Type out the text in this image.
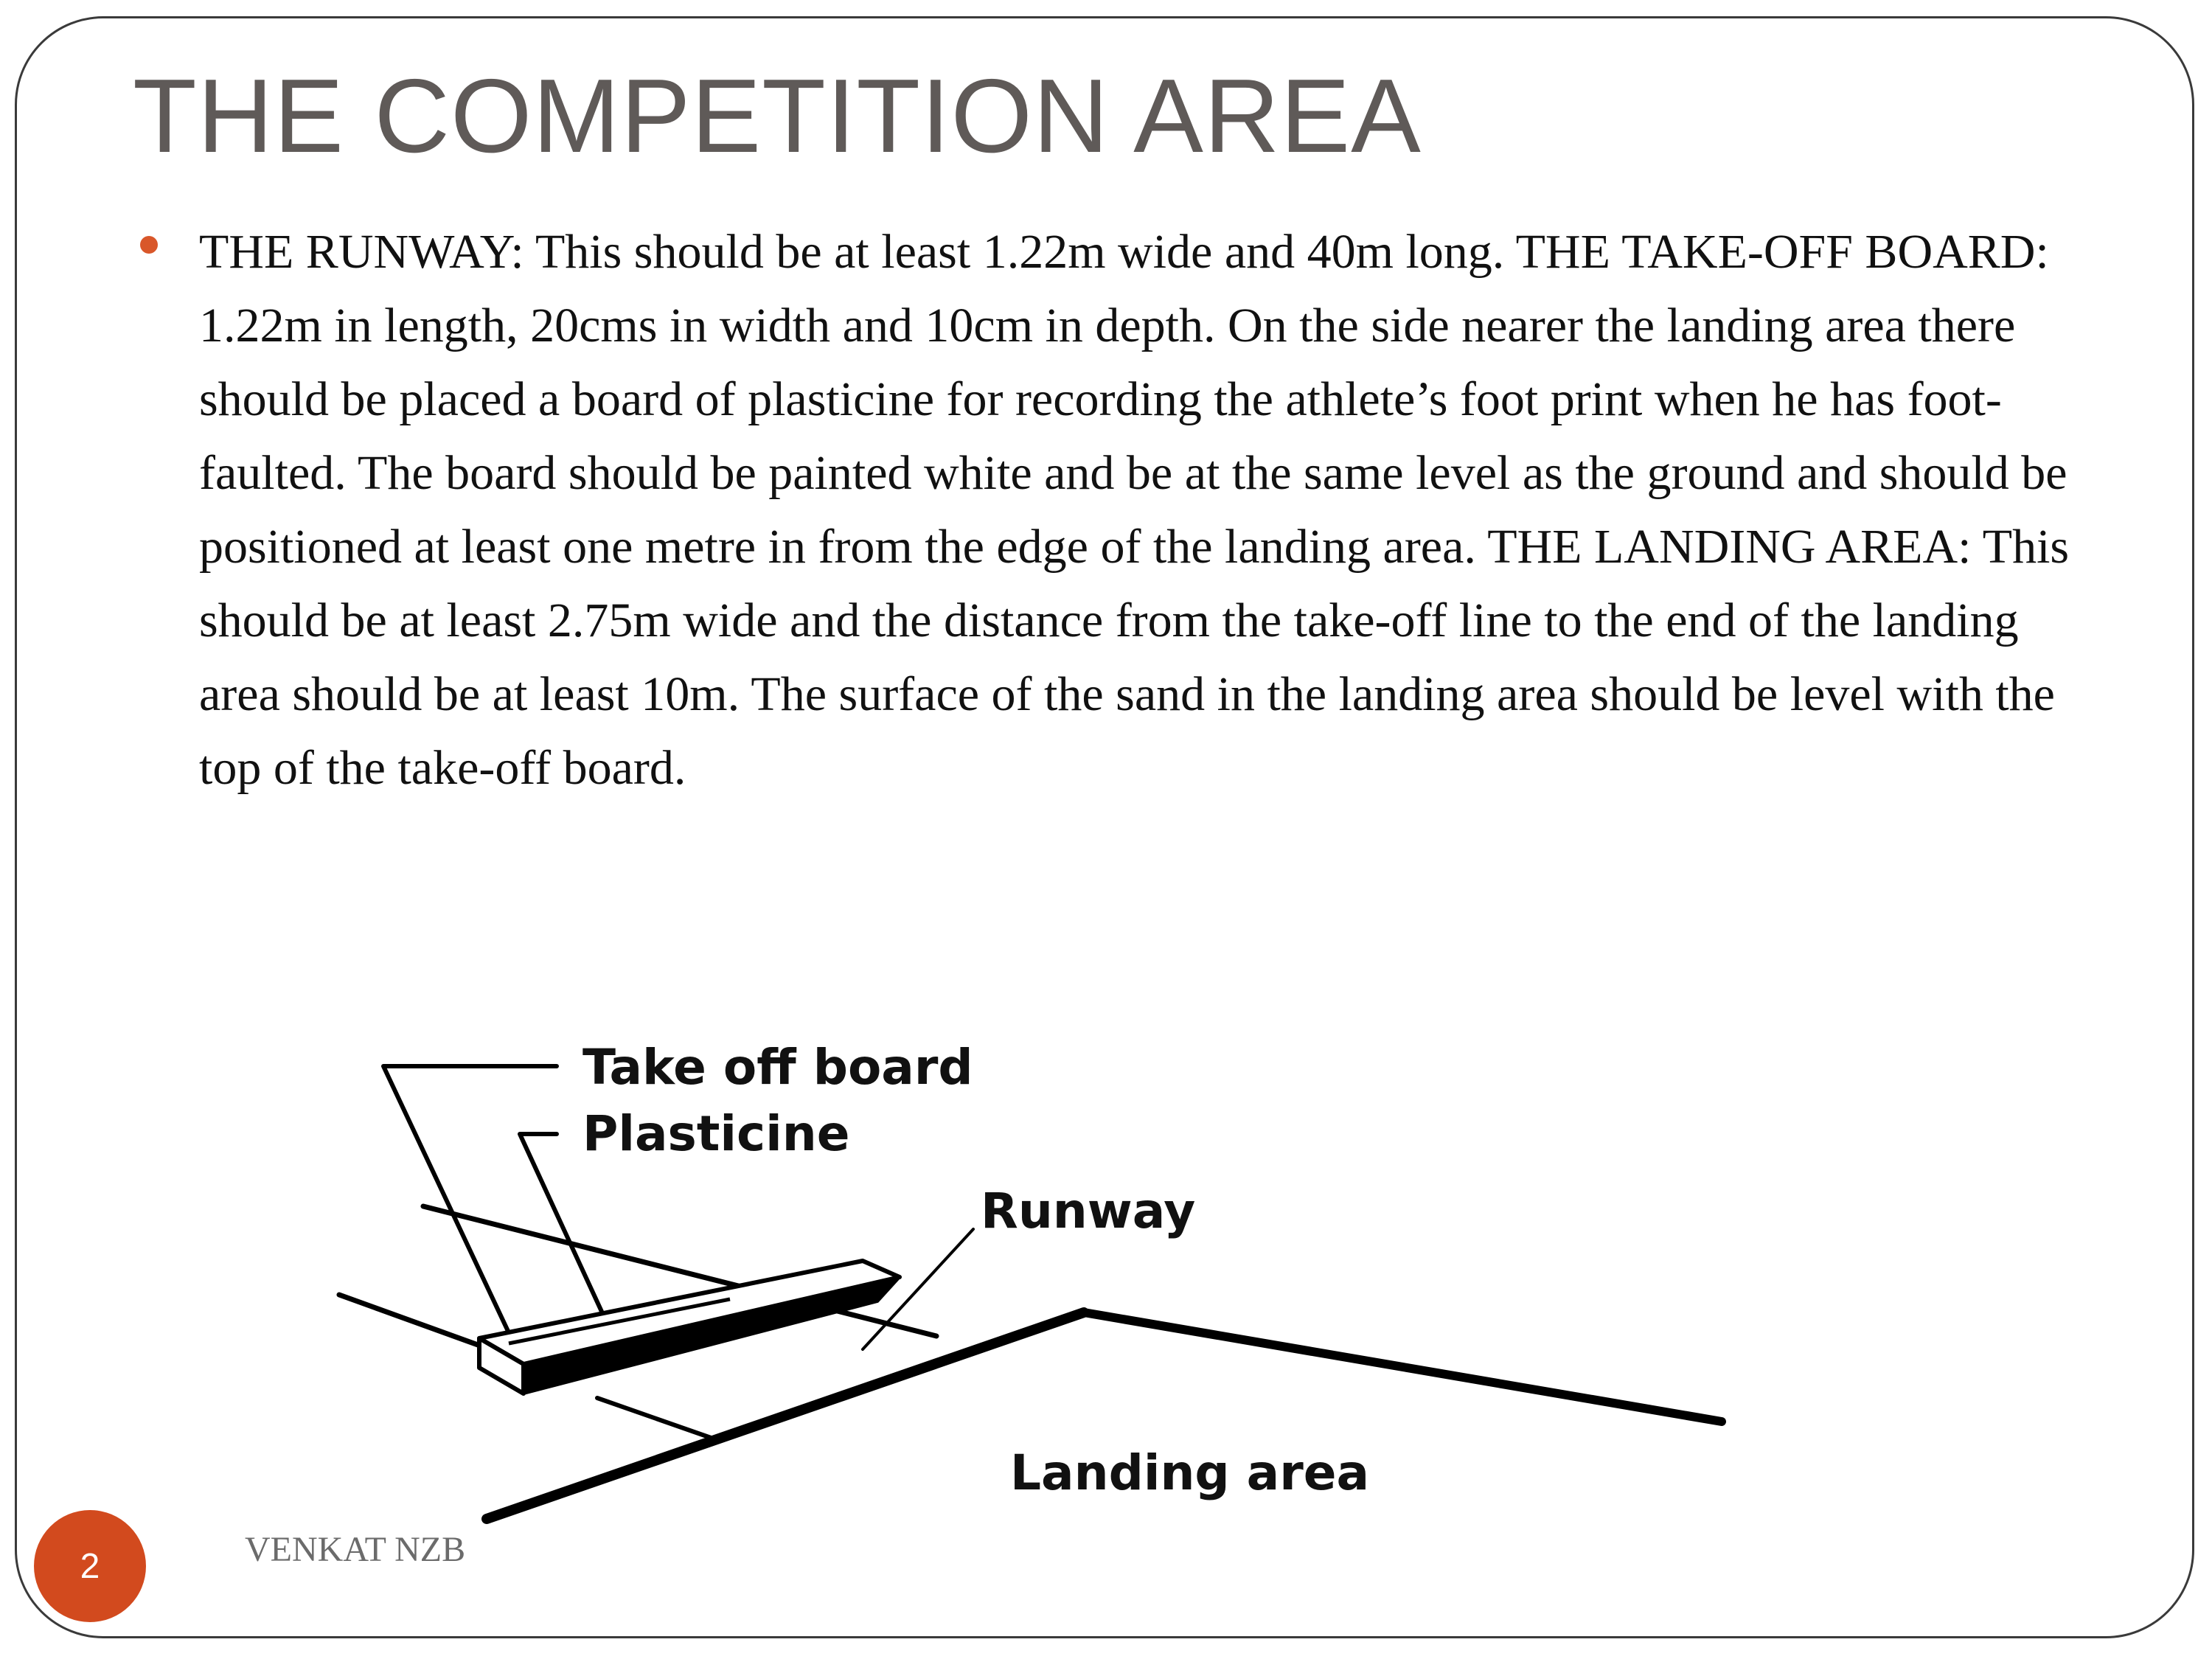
THE COMPETITION AREA

THE RUNWAY: This should be at least 1.22m wide and 40m long. THE TAKE-OFF BOARD: 1.22m in length, 20cms in width and 10cm in depth. On the side nearer the landing area there should be placed a board of plasticine for recording the athlete’s foot print when he has foot-faulted. The board should be painted white and be at the same level as the ground and should be positioned at least one metre in from the edge of the landing area. THE LANDING AREA: This should be at least 2.75m wide and the distance from the take-off line to the end of the landing area should be at least 10m. The surface of the sand in the landing area should be level with the top of the take-off board.

Take off board
Plasticine
Runway
Landing area
2	VENKAT NZB
